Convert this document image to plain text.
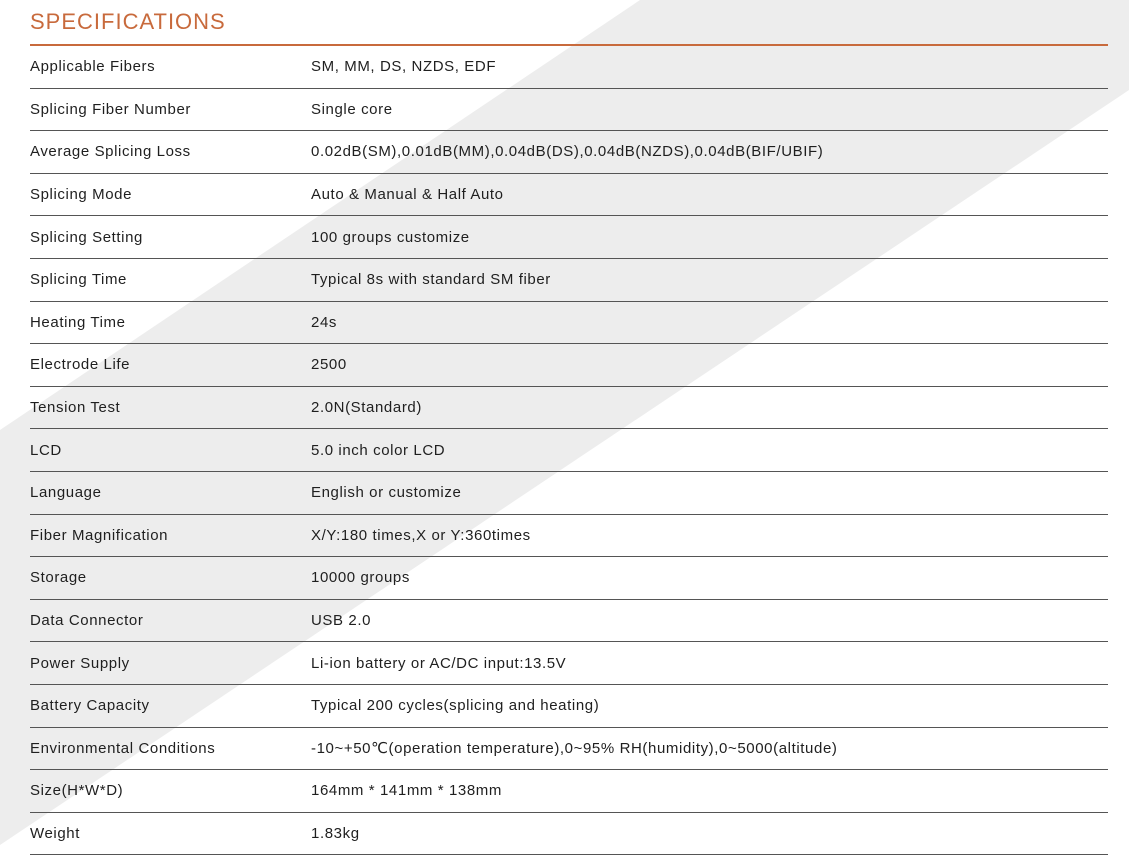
SPECIFICATIONS
Applicable Fibers	SM, MM, DS, NZDS, EDF
Splicing Fiber Number	Single core
Average Splicing Loss	0.02dB(SM),0.01dB(MM),0.04dB(DS),0.04dB(NZDS),0.04dB(BIF/UBIF)
Splicing Mode	Auto & Manual & Half Auto
Splicing Setting	100 groups customize
Splicing Time	Typical 8s with standard SM fiber
Heating Time	24s
Electrode Life	2500
Tension Test	2.0N(Standard)
LCD	5.0 inch color LCD
Language	English or customize
Fiber Magnification	X/Y:180 times,X or Y:360times
Storage	10000 groups
Data Connector	USB 2.0
Power Supply	Li-ion battery or AC/DC input:13.5V
Battery Capacity	Typical 200 cycles(splicing and heating)
Environmental Conditions	-10~+50℃(operation temperature),0~95% RH(humidity),0~5000(altitude)
Size(H*W*D)	164mm * 141mm * 138mm
Weight	1.83kg
